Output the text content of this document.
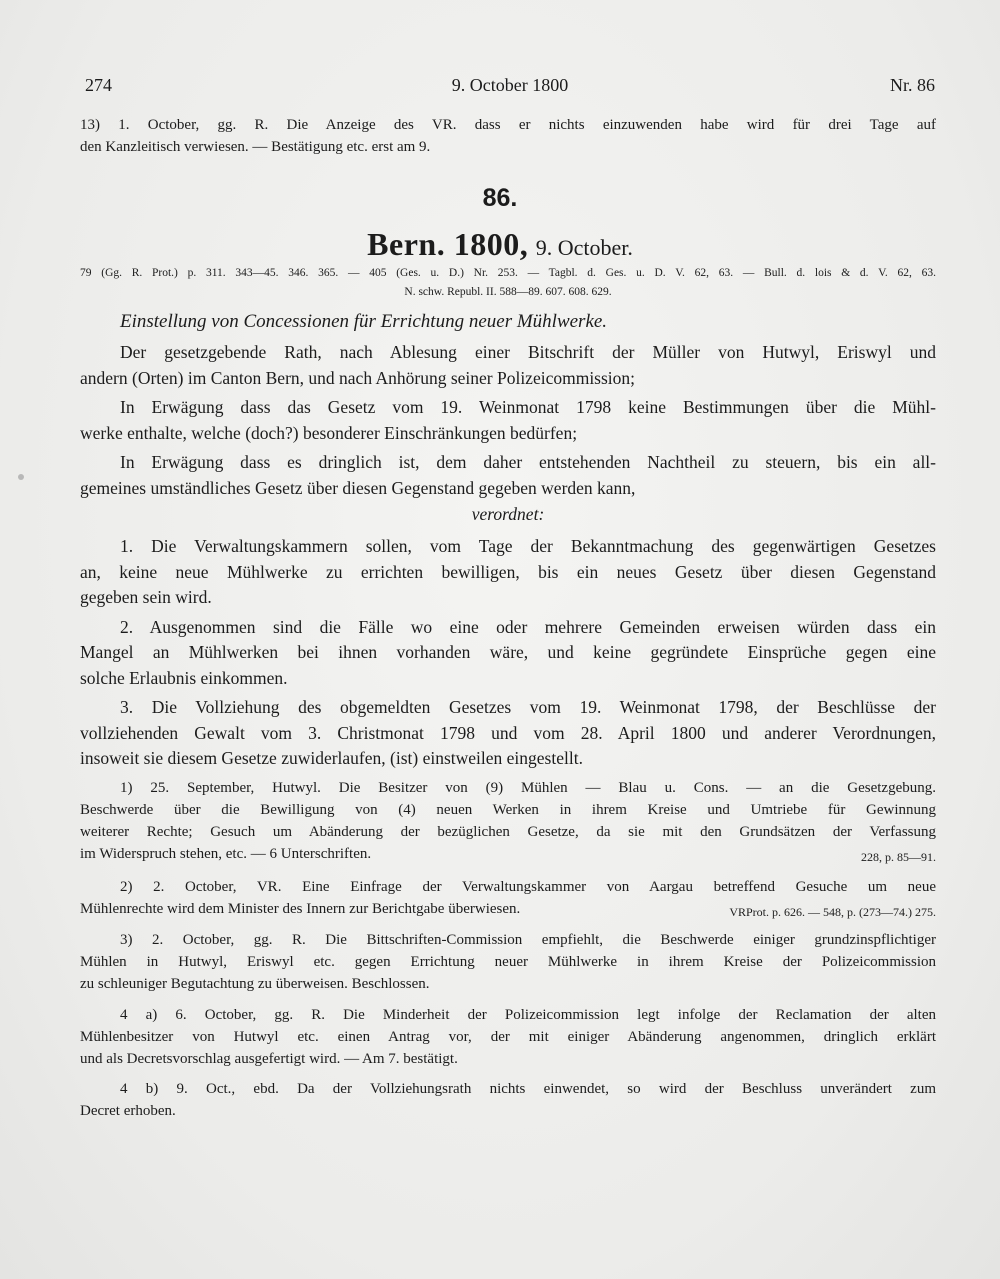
274	9. October 1800	Nr. 86
13) 1. October, gg. R. Die Anzeige des VR. dass er nichts einzuwenden habe wird für drei Tage auf
den Kanzleitisch verwiesen. — Bestätigung etc. erst am 9.
86.
Bern. 1800, 9. October.
79 (Gg. R. Prot.) p. 311. 343—45. 346. 365. — 405 (Ges. u. D.) Nr. 253. — Tagbl. d. Ges. u. D. V. 62, 63. — Bull. d. lois & d. V. 62, 63.
N. schw. Republ. II. 588—89. 607. 608. 629.
Einstellung von Concessionen für Errichtung neuer Mühlwerke.
Der gesetzgebende Rath, nach Ablesung einer Bitschrift der Müller von Hutwyl, Eriswyl und
andern (Orten) im Canton Bern, und nach Anhörung seiner Polizeicommission;
In Erwägung dass das Gesetz vom 19. Weinmonat 1798 keine Bestimmungen über die Mühl-
werke enthalte, welche (doch?) besonderer Einschränkungen bedürfen;
In Erwägung dass es dringlich ist, dem daher entstehenden Nachtheil zu steuern, bis ein all-
gemeines umständliches Gesetz über diesen Gegenstand gegeben werden kann,
verordnet:
1. Die Verwaltungskammern sollen, vom Tage der Bekanntmachung des gegenwärtigen Gesetzes
an, keine neue Mühlwerke zu errichten bewilligen, bis ein neues Gesetz über diesen Gegenstand
gegeben sein wird.
2. Ausgenommen sind die Fälle wo eine oder mehrere Gemeinden erweisen würden dass ein
Mangel an Mühlwerken bei ihnen vorhanden wäre, und keine gegründete Einsprüche gegen eine
solche Erlaubnis einkommen.
3. Die Vollziehung des obgemeldten Gesetzes vom 19. Weinmonat 1798, der Beschlüsse der
vollziehenden Gewalt vom 3. Christmonat 1798 und vom 28. April 1800 und anderer Verordnungen,
insoweit sie diesem Gesetze zuwiderlaufen, (ist) einstweilen eingestellt.
1) 25. September, Hutwyl. Die Besitzer von (9) Mühlen — Blau u. Cons. — an die Gesetzgebung.
Beschwerde über die Bewilligung von (4) neuen Werken in ihrem Kreise und Umtriebe für Gewinnung
weiterer Rechte; Gesuch um Abänderung der bezüglichen Gesetze, da sie mit den Grundsätzen der Verfassung
im Widerspruch stehen, etc. — 6 Unterschriften.	228, p. 85—91.
2) 2. October, VR. Eine Einfrage der Verwaltungskammer von Aargau betreffend Gesuche um neue
Mühlenrechte wird dem Minister des Innern zur Berichtgabe überwiesen.	VRProt. p. 626. — 548, p. (273—74.) 275.
3) 2. October, gg. R. Die Bittschriften-Commission empfiehlt, die Beschwerde einiger grundzinspflichtiger
Mühlen in Hutwyl, Eriswyl etc. gegen Errichtung neuer Mühlwerke in ihrem Kreise der Polizeicommission
zu schleuniger Begutachtung zu überweisen. Beschlossen.
4 a) 6. October, gg. R. Die Minderheit der Polizeicommission legt infolge der Reclamation der alten
Mühlenbesitzer von Hutwyl etc. einen Antrag vor, der mit einiger Abänderung angenommen, dringlich erklärt
und als Decretsvorschlag ausgefertigt wird. — Am 7. bestätigt.
4 b) 9. Oct., ebd. Da der Vollziehungsrath nichts einwendet, so wird der Beschluss unverändert zum
Decret erhoben.
